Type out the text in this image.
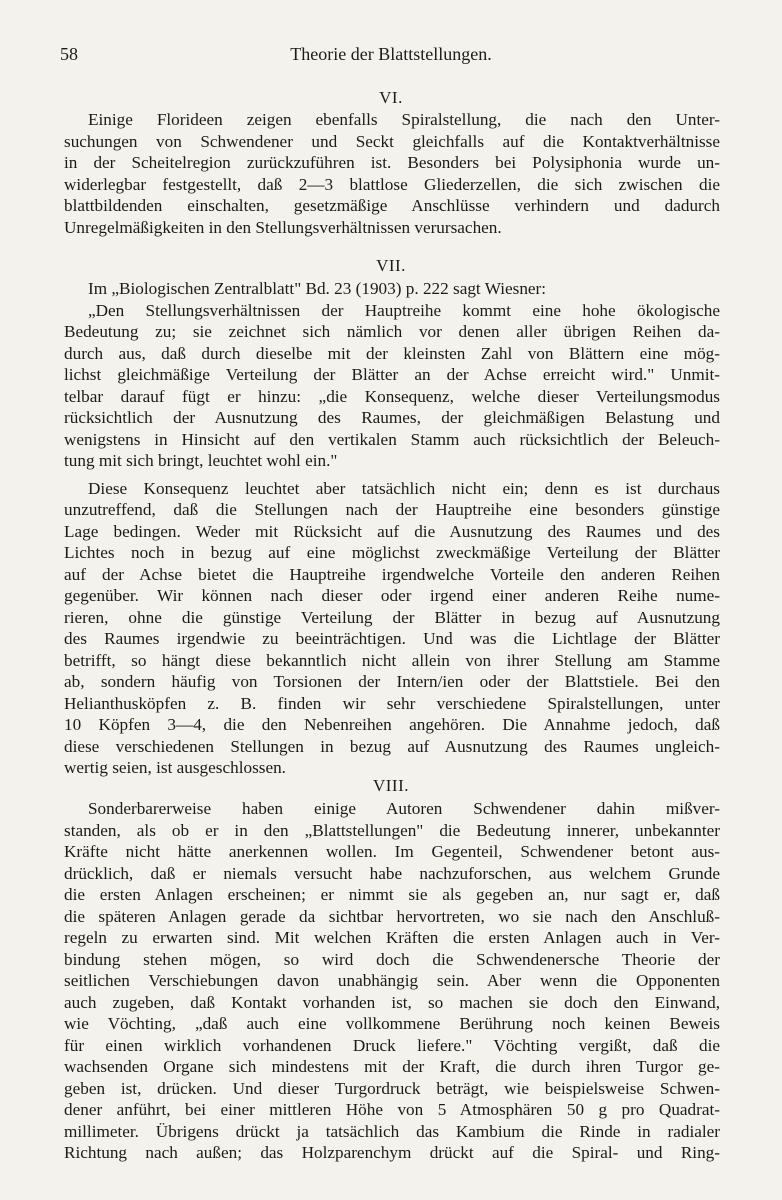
58	Theorie der Blattstellungen.
VI.
Einige Florideen zeigen ebenfalls Spiralstellung, die nach den Unter-
suchungen von Schwendener und Seckt gleichfalls auf die Kontaktverhältnisse
in der Scheitelregion zurückzuführen ist. Besonders bei Polysiphonia wurde un-
widerlegbar festgestellt, daß 2—3 blattlose Gliederzellen, die sich zwischen die
blattbildenden einschalten, gesetzmäßige Anschlüsse verhindern und dadurch
Unregelmäßigkeiten in den Stellungsverhältnissen verursachen.
VII.
Im „Biologischen Zentralblatt" Bd. 23 (1903) p. 222 sagt Wiesner:
„Den Stellungsverhältnissen der Hauptreihe kommt eine hohe ökologische
Bedeutung zu; sie zeichnet sich nämlich vor denen aller übrigen Reihen da-
durch aus, daß durch dieselbe mit der kleinsten Zahl von Blättern eine mög-
lichst gleichmäßige Verteilung der Blätter an der Achse erreicht wird." Unmit-
telbar darauf fügt er hinzu: „die Konsequenz, welche dieser Verteilungsmodus
rücksichtlich der Ausnutzung des Raumes, der gleichmäßigen Belastung und
wenigstens in Hinsicht auf den vertikalen Stamm auch rücksichtlich der Beleuch-
tung mit sich bringt, leuchtet wohl ein."
Diese Konsequenz leuchtet aber tatsächlich nicht ein; denn es ist durchaus
unzutreffend, daß die Stellungen nach der Hauptreihe eine besonders günstige
Lage bedingen. Weder mit Rücksicht auf die Ausnutzung des Raumes und des
Lichtes noch in bezug auf eine möglichst zweckmäßige Verteilung der Blätter
auf der Achse bietet die Hauptreihe irgendwelche Vorteile den anderen Reihen
gegenüber. Wir können nach dieser oder irgend einer anderen Reihe nume-
rieren, ohne die günstige Verteilung der Blätter in bezug auf Ausnutzung
des Raumes irgendwie zu beeinträchtigen. Und was die Lichtlage der Blätter
betrifft, so hängt diese bekanntlich nicht allein von ihrer Stellung am Stamme
ab, sondern häufig von Torsionen der Intern/ien oder der Blattstiele. Bei den
Helianthusköpfen z. B. finden wir sehr verschiedene Spiralstellungen, unter
10 Köpfen 3—4, die den Nebenreihen angehören. Die Annahme jedoch, daß
diese verschiedenen Stellungen in bezug auf Ausnutzung des Raumes ungleich-
wertig seien, ist ausgeschlossen.
VIII.
Sonderbarerweise haben einige Autoren Schwendener dahin mißver-
standen, als ob er in den „Blattstellungen" die Bedeutung innerer, unbekannter
Kräfte nicht hätte anerkennen wollen. Im Gegenteil, Schwendener betont aus-
drücklich, daß er niemals versucht habe nachzuforschen, aus welchem Grunde
die ersten Anlagen erscheinen; er nimmt sie als gegeben an, nur sagt er, daß
die späteren Anlagen gerade da sichtbar hervortreten, wo sie nach den Anschluß-
regeln zu erwarten sind. Mit welchen Kräften die ersten Anlagen auch in Ver-
bindung stehen mögen, so wird doch die Schwendenersche Theorie der
seitlichen Verschiebungen davon unabhängig sein. Aber wenn die Opponenten
auch zugeben, daß Kontakt vorhanden ist, so machen sie doch den Einwand,
wie Vöchting, „daß auch eine vollkommene Berührung noch keinen Beweis
für einen wirklich vorhandenen Druck liefere." Vöchting vergißt, daß die
wachsenden Organe sich mindestens mit der Kraft, die durch ihren Turgor ge-
geben ist, drücken. Und dieser Turgordruck beträgt, wie beispielsweise Schwen-
dener anführt, bei einer mittleren Höhe von 5 Atmosphären 50 g pro Quadrat-
millimeter. Übrigens drückt ja tatsächlich das Kambium die Rinde in radialer
Richtung nach außen; das Holzparenchym drückt auf die Spiral- und Ring-
